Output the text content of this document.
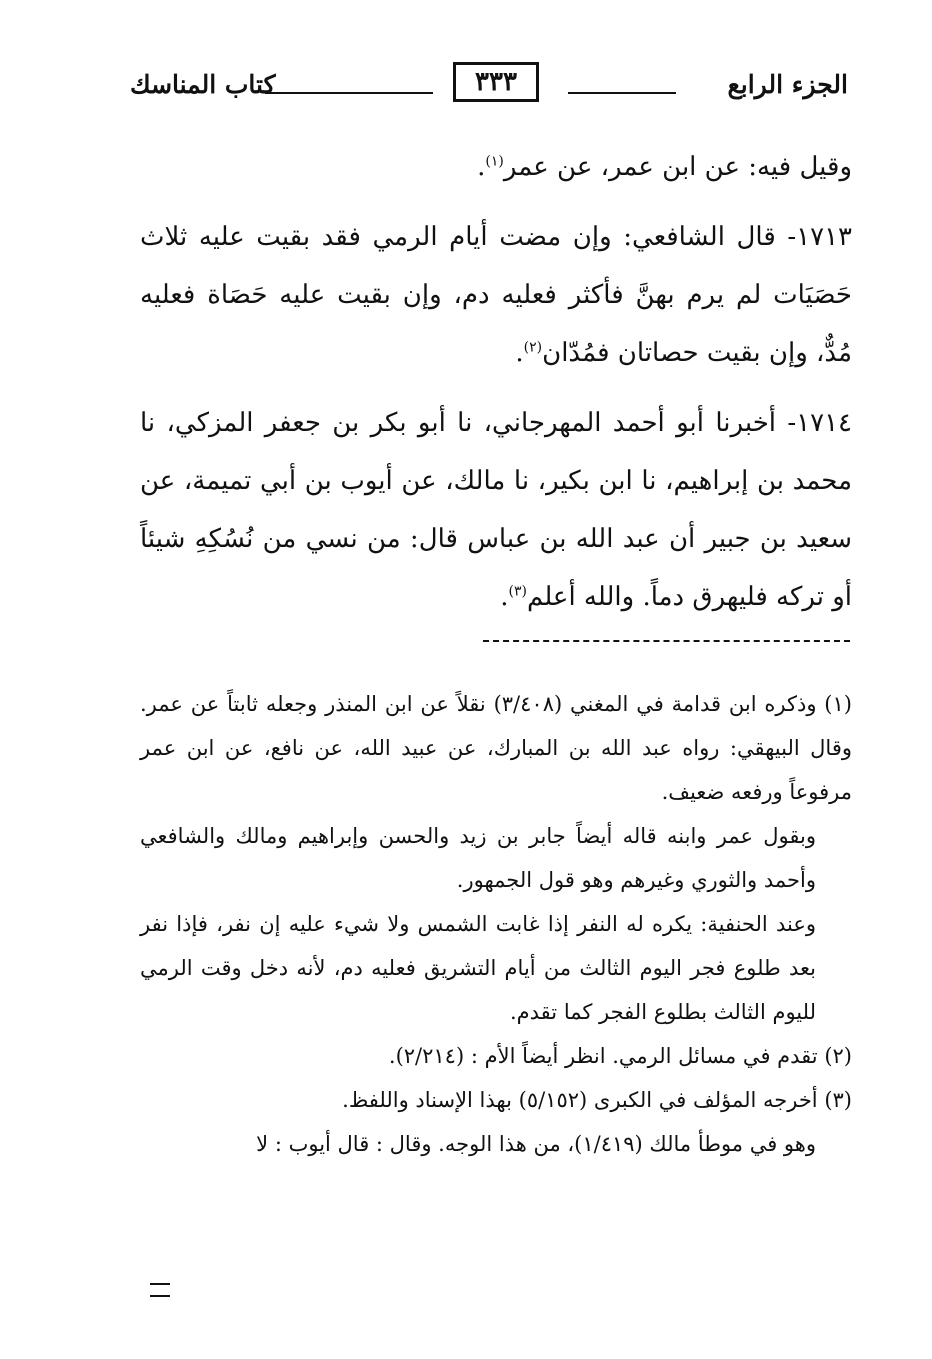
الجزء الرابع
٣٣٣
كتاب المناسك

وقيل فيه: عن ابن عمر، عن عمر$^{(١)}$.

١٧١٣- قال الشافعي: وإن مضت أيام الرمي فقد بقيت عليه ثلاث حَصَيَات لم يرم بهنَّ فأكثر فعليه دم، وإن بقيت عليه حَصَاة فعليه مُدٌّ، وإن بقيت حصاتان فمُدّان$^{(٢)}$.

١٧١٤- أخبرنا أبو أحمد المهرجاني، نا أبو بكر بن جعفر المزكي، نا محمد بن إبراهيم، نا ابن بكير، نا مالك، عن أيوب بن أبي تميمة، عن سعيد بن جبير أن عبد الله بن عباس قال: من نسي من نُسُكِهِ شيئاً أو تركه فليهرق دماً. والله أعلم$^{(٣)}$.

(١) وذكره ابن قدامة في المغني (٣/٤٠٨) نقلاً عن ابن المنذر وجعله ثابتاً عن عمر. وقال البيهقي: رواه عبد الله بن المبارك، عن عبيد الله، عن نافع، عن ابن عمر مرفوعاً ورفعه ضعيف.

وبقول عمر وابنه قاله أيضاً جابر بن زيد والحسن وإبراهيم ومالك والشافعي وأحمد والثوري وغيرهم وهو قول الجمهور.

وعند الحنفية: يكره له النفر إذا غابت الشمس ولا شيء عليه إن نفر، فإذا نفر بعد طلوع فجر اليوم الثالث من أيام التشريق فعليه دم، لأنه دخل وقت الرمي لليوم الثالث بطلوع الفجر كما تقدم.

(٢) تقدم في مسائل الرمي. انظر أيضاً الأم : (٢/٢١٤).

(٣) أخرجه المؤلف في الكبرى (٥/١٥٢) بهذا الإسناد واللفظ.

وهو في موطأ مالك (١/٤١٩)، من هذا الوجه. وقال : قال أيوب : لا
